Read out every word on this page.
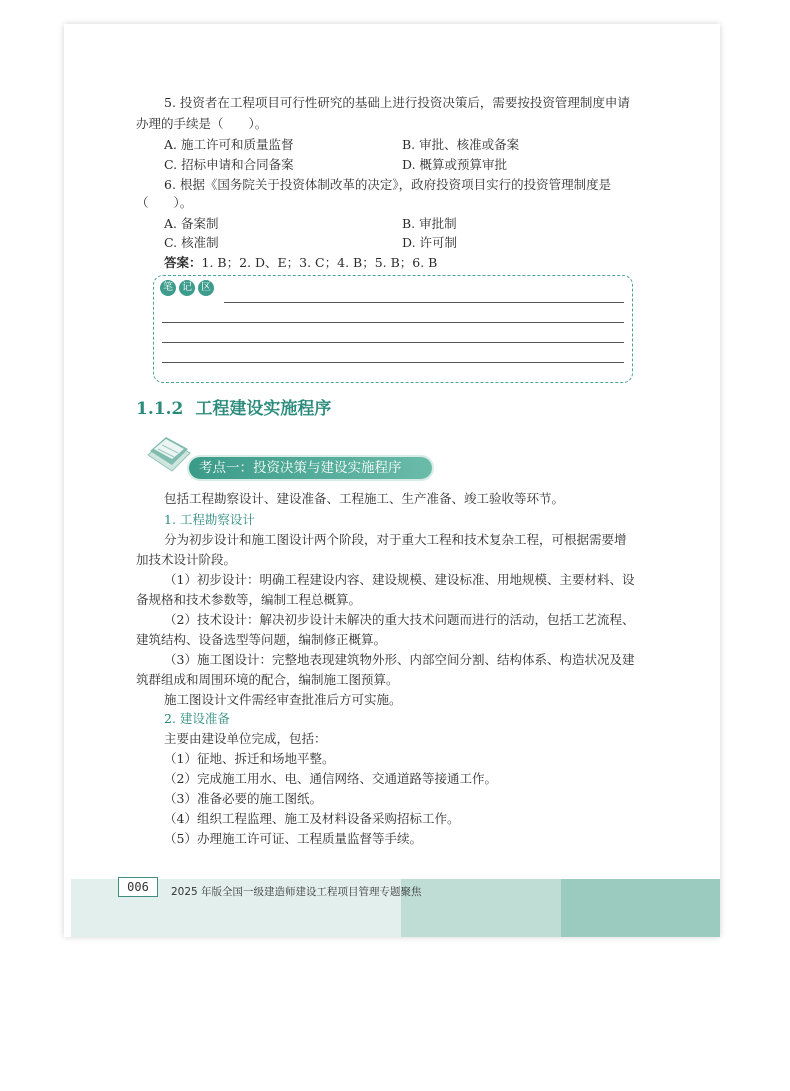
5. 投资者在工程项目可行性研究的基础上进行投资决策后，需要按投资管理制度申请
办理的手续是（　　）。
A. 施工许可和质量监督	B. 审批、核准或备案
C. 招标申请和合同备案	D. 概算或预算审批
6. 根据《国务院关于投资体制改革的决定》，政府投资项目实行的投资管理制度是
（　　）。
A. 备案制	B. 审批制
C. 核准制	D. 许可制
答案：1. B；2. D、E；3. C；4. B；5. B；6. B
笔 记 区
1.1.2 工程建设实施程序
考点一：投资决策与建设实施程序
包括工程勘察设计、建设准备、工程施工、生产准备、竣工验收等环节。
1. 工程勘察设计
分为初步设计和施工图设计两个阶段，对于重大工程和技术复杂工程，可根据需要增
加技术设计阶段。
（1）初步设计：明确工程建设内容、建设规模、建设标准、用地规模、主要材料、设
备规格和技术参数等，编制工程总概算。
（2）技术设计：解决初步设计未解决的重大技术问题而进行的活动，包括工艺流程、
建筑结构、设备选型等问题，编制修正概算。
（3）施工图设计：完整地表现建筑物外形、内部空间分割、结构体系、构造状况及建
筑群组成和周围环境的配合，编制施工图预算。
施工图设计文件需经审查批准后方可实施。
2. 建设准备
主要由建设单位完成，包括：
（1）征地、拆迁和场地平整。
（2）完成施工用水、电、通信网络、交通道路等接通工作。
（3）准备必要的施工图纸。
（4）组织工程监理、施工及材料设备采购招标工作。
（5）办理施工许可证、工程质量监督等手续。
006	2025 年版全国一级建造师建设工程项目管理专题聚焦
